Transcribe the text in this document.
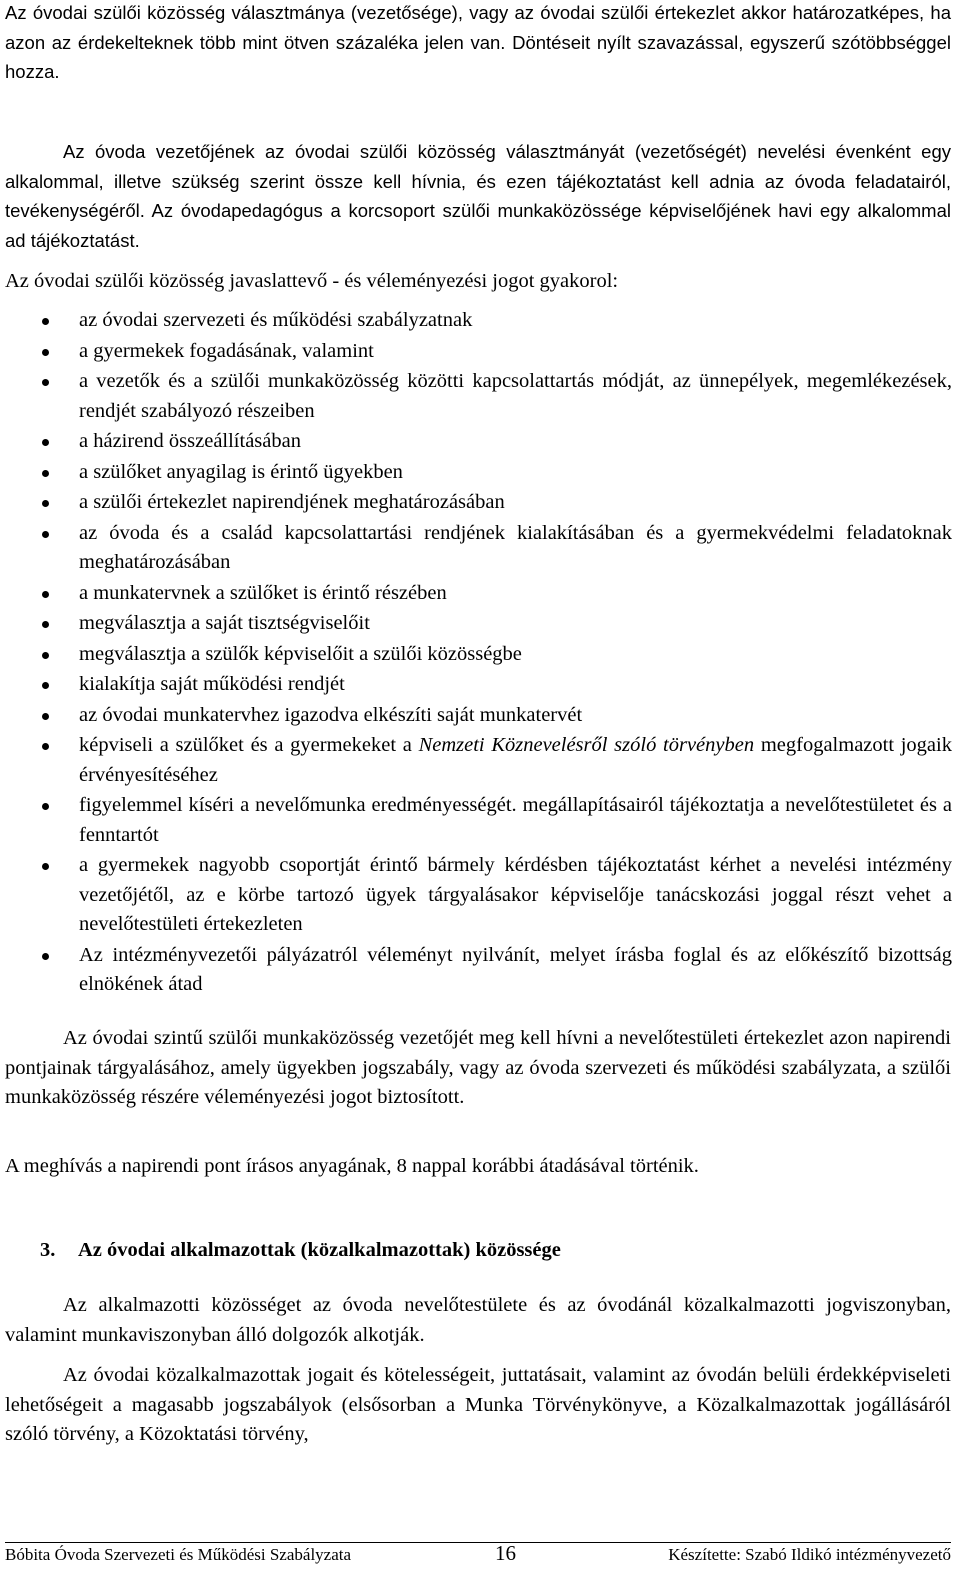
Az óvodai szülői közösség választmánya (vezetősége), vagy az óvodai szülői értekezlet akkor határozatképes, ha azon az érdekelteknek több mint ötven százaléka jelen van. Döntéseit nyílt szavazással, egyszerű szótöbbséggel hozza.

Az óvoda vezetőjének az óvodai szülői közösség választmányát (vezetőségét) nevelési évenként egy alkalommal, illetve szükség szerint össze kell hívnia, és ezen tájékoztatást kell adnia az óvoda feladatairól, tevékenységéről. Az óvodapedagógus a korcsoport szülői munkaközössége képviselőjének havi egy alkalommal ad tájékoztatást.

Az óvodai szülői közösség javaslattevő - és véleményezési jogot gyakorol:

az óvodai szervezeti és működési szabályzatnak
a gyermekek fogadásának, valamint
a vezetők és a szülői munkaközösség közötti kapcsolattartás módját, az ünnepélyek, megemlékezések, rendjét szabályozó részeiben
a házirend összeállításában
a szülőket anyagilag is érintő ügyekben
a szülői értekezlet napirendjének meghatározásában
az óvoda és a család kapcsolattartási rendjének kialakításában és a gyermekvédelmi feladatoknak meghatározásában
a munkatervnek a szülőket is érintő részében
megválasztja a saját tisztségviselőit
megválasztja a szülők képviselőit a szülői közösségbe
kialakítja saját működési rendjét
az óvodai munkatervhez igazodva elkészíti saját munkatervét
képviseli a szülőket és a gyermekeket a Nemzeti Köznevelésről szóló törvényben megfogalmazott jogaik érvényesítéséhez
figyelemmel kíséri a nevelőmunka eredményességét. megállapításairól tájékoztatja a nevelőtestületet és a fenntartót
a gyermekek nagyobb csoportját érintő bármely kérdésben tájékoztatást kérhet a nevelési intézmény vezetőjétől, az e körbe tartozó ügyek tárgyalásakor képviselője tanácskozási joggal részt vehet a nevelőtestületi értekezleten
Az intézményvezetői pályázatról véleményt nyilvánít, melyet írásba foglal és az előkészítő bizottság elnökének átad

Az óvodai szintű szülői munkaközösség vezetőjét meg kell hívni a nevelőtestületi értekezlet azon napirendi pontjainak tárgyalásához, amely ügyekben jogszabály, vagy az óvoda szervezeti és működési szabályzata, a szülői munkaközösség részére véleményezési jogot biztosított.

A meghívás a napirendi pont írásos anyagának, 8 nappal korábbi átadásával történik.

3. Az óvodai alkalmazottak (közalkalmazottak) közössége

Az alkalmazotti közösséget az óvoda nevelőtestülete és az óvodánál közalkalmazotti jogviszonyban, valamint munkaviszonyban álló dolgozók alkotják.

Az óvodai közalkalmazottak jogait és kötelességeit, juttatásait, valamint az óvodán belüli érdekképviseleti lehetőségeit a magasabb jogszabályok (elsősorban a Munka Törvénykönyve, a Közalkalmazottak jogállásáról szóló törvény, a Közoktatási törvény,

Bóbita Óvoda Szervezeti és Működési Szabályzata	16	Készítette: Szabó Ildikó intézményvezető
